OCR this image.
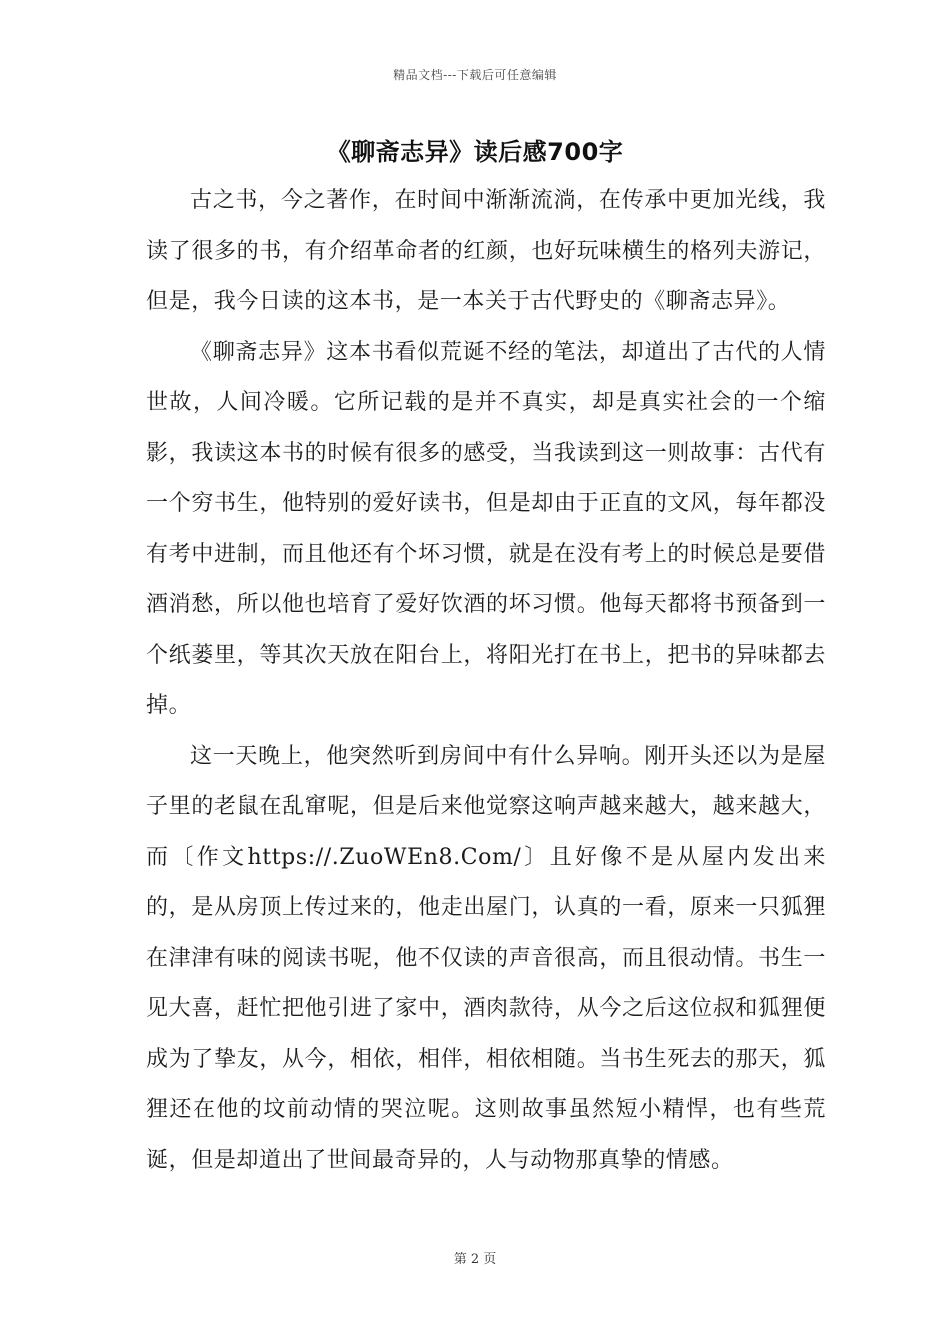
精品文档---下载后可任意编辑
《聊斋志异》读后感700字

古之书，今之著作，在时间中渐渐流淌，在传承中更加光线，我读了很多的书，有介绍革命者的红颜，也好玩味横生的格列夫游记，但是，我今日读的这本书，是一本关于古代野史的《聊斋志异》。

《聊斋志异》这本书看似荒诞不经的笔法，却道出了古代的人情世故，人间冷暖。它所记载的是并不真实，却是真实社会的一个缩影，我读这本书的时候有很多的感受，当我读到这一则故事：古代有一个穷书生，他特别的爱好读书，但是却由于正直的文风，每年都没有考中进制，而且他还有个坏习惯，就是在没有考上的时候总是要借酒消愁，所以他也培育了爱好饮酒的坏习惯。他每天都将书预备到一个纸蒌里，等其次天放在阳台上，将阳光打在书上，把书的异味都去掉。

这一天晚上，他突然听到房间中有什么异响。刚开头还以为是屋子里的老鼠在乱窜呢，但是后来他觉察这响声越来越大，越来越大，而〔作文https://.ZuoWEn8.Com/〕且好像不是从屋内发出来的，是从房顶上传过来的，他走出屋门，认真的一看，原来一只狐狸在津津有味的阅读书呢，他不仅读的声音很高，而且很动情。书生一见大喜，赶忙把他引进了家中，酒肉款待，从今之后这位叔和狐狸便成为了挚友，从今，相依，相伴，相依相随。当书生死去的那天，狐狸还在他的坟前动情的哭泣呢。这则故事虽然短小精悍，也有些荒诞，但是却道出了世间最奇异的，人与动物那真挚的情感。

第 2 页
